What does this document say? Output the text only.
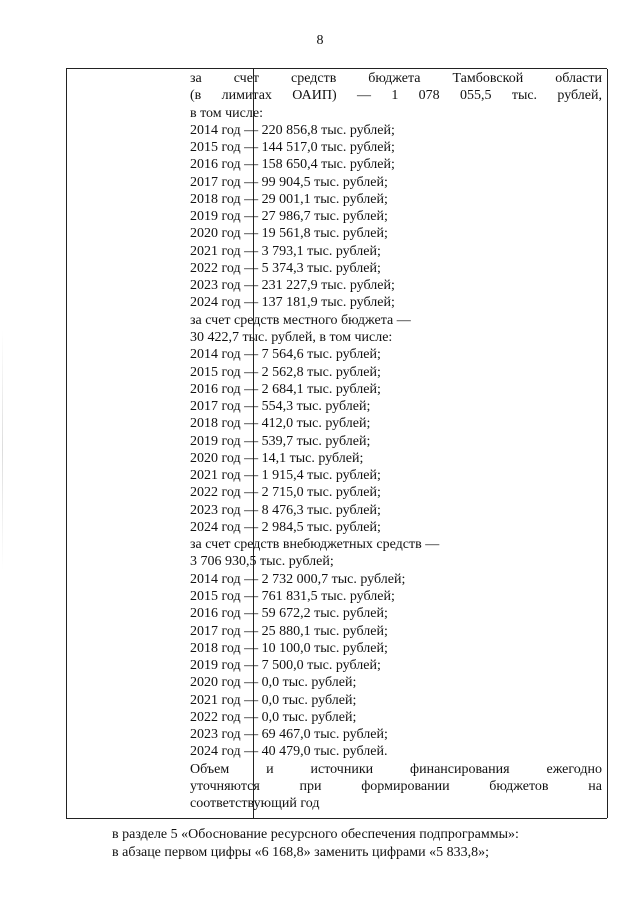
8
за счет средств бюджета Тамбовской области
(в лимитах ОАИП) — 1 078 055,5 тыс. рублей,
в том числе:
2014 год — 220 856,8 тыс. рублей;
2015 год — 144 517,0 тыс. рублей;
2016 год — 158 650,4 тыс. рублей;
2017 год — 99 904,5 тыс. рублей;
2018 год — 29 001,1 тыс. рублей;
2019 год — 27 986,7 тыс. рублей;
2020 год — 19 561,8 тыс. рублей;
2021 год — 3 793,1 тыс. рублей;
2022 год — 5 374,3 тыс. рублей;
2023 год — 231 227,9 тыс. рублей;
2024 год — 137 181,9 тыс. рублей;
за счет средств местного бюджета —
30 422,7 тыс. рублей, в том числе:
2014 год — 7 564,6 тыс. рублей;
2015 год — 2 562,8 тыс. рублей;
2016 год — 2 684,1 тыс. рублей;
2017 год — 554,3 тыс. рублей;
2018 год — 412,0 тыс. рублей;
2019 год — 539,7 тыс. рублей;
2020 год — 14,1 тыс. рублей;
2021 год — 1 915,4 тыс. рублей;
2022 год — 2 715,0 тыс. рублей;
2023 год — 8 476,3 тыс. рублей;
2024 год — 2 984,5 тыс. рублей;
за счет средств внебюджетных средств —
3 706 930,5 тыс. рублей;
2014 год — 2 732 000,7 тыс. рублей;
2015 год — 761 831,5 тыс. рублей;
2016 год — 59 672,2 тыс. рублей;
2017 год — 25 880,1 тыс. рублей;
2018 год — 10 100,0 тыс. рублей;
2019 год — 7 500,0 тыс. рублей;
2020 год — 0,0 тыс. рублей;
2021 год — 0,0 тыс. рублей;
2022 год — 0,0 тыс. рублей;
2023 год — 69 467,0 тыс. рублей;
2024 год — 40 479,0 тыс. рублей.
Объем и источники финансирования ежегодно
уточняются при формировании бюджетов на
соответствующий год
в разделе 5 «Обоснование ресурсного обеспечения подпрограммы»:
в абзаце первом цифры «6 168,8» заменить цифрами «5 833,8»;
